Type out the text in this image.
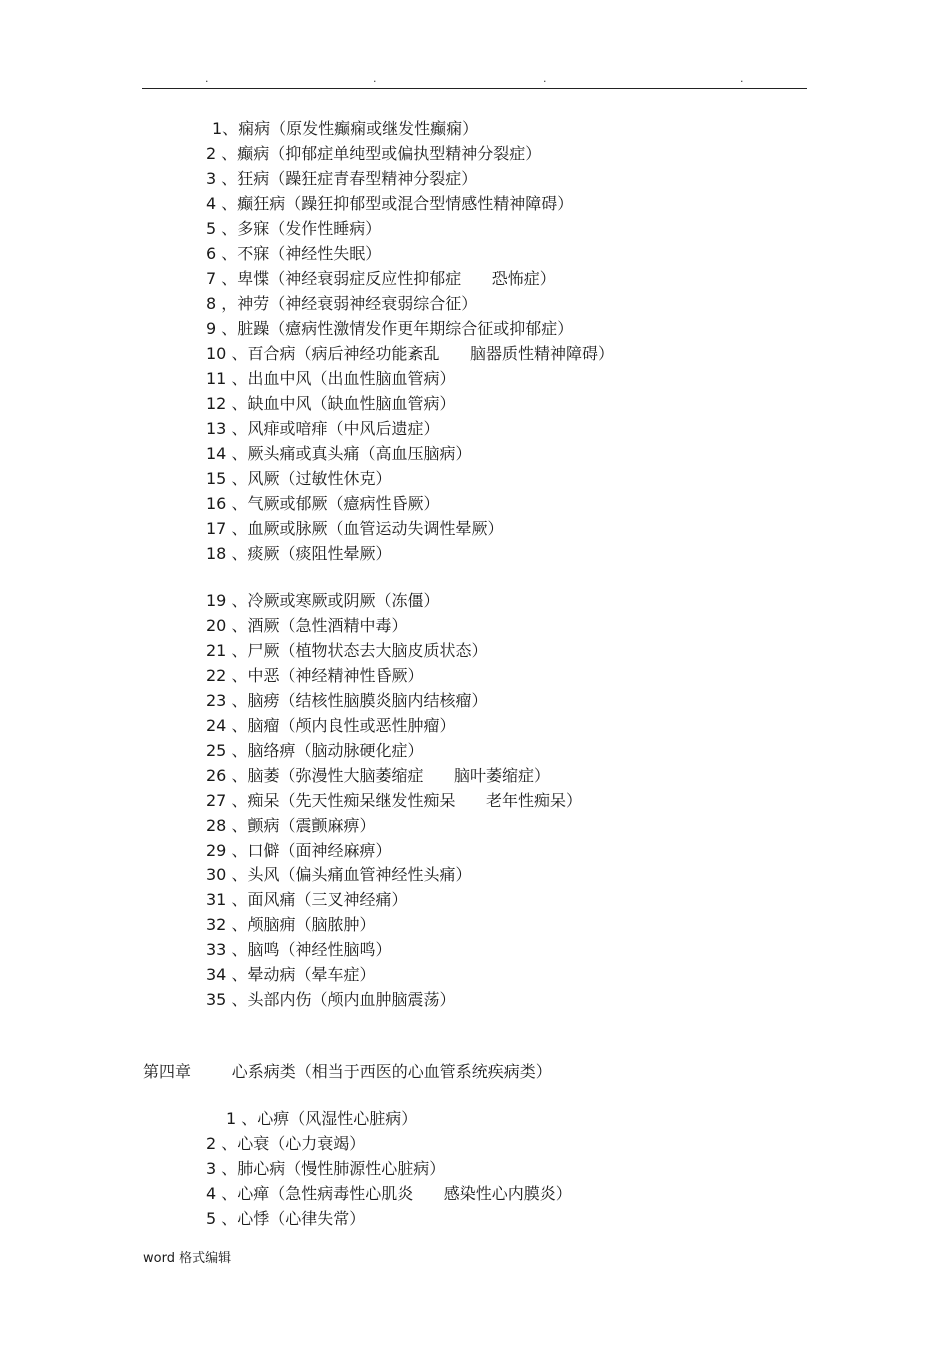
.	.	.	.
1、痫病（原发性癫痫或继发性癫痫）
2 、癫病（抑郁症单纯型或偏执型精神分裂症）
3 、狂病（躁狂症青春型精神分裂症）
4 、癫狂病（躁狂抑郁型或混合型情感性精神障碍）
5 、多寐（发作性睡病）
6 、不寐（神经性失眠）
7 、卑惵（神经衰弱症反应性抑郁症      恐怖症）
8 ，神劳（神经衰弱神经衰弱综合征）
9 、脏躁（癔病性激情发作更年期综合征或抑郁症）
10 、百合病（病后神经功能紊乱      脑器质性精神障碍）
11 、出血中风（出血性脑血管病）
12 、缺血中风（缺血性脑血管病）
13 、风痱或喑痱（中风后遗症）
14 、厥头痛或真头痛（高血压脑病）
15 、风厥（过敏性休克）
16 、气厥或郁厥（癔病性昏厥）
17 、血厥或脉厥（血管运动失调性晕厥）
18 、痰厥（痰阻性晕厥）
19 、冷厥或寒厥或阴厥（冻僵）
20 、酒厥（急性酒精中毒）
21 、尸厥（植物状态去大脑皮质状态）
22 、中恶（神经精神性昏厥）
23 、脑痨（结核性脑膜炎脑内结核瘤）
24 、脑瘤（颅内良性或恶性肿瘤）
25 、脑络痹（脑动脉硬化症）
26 、脑萎（弥漫性大脑萎缩症      脑叶萎缩症）
27 、痴呆（先天性痴呆继发性痴呆      老年性痴呆）
28 、颤病（震颤麻痹）
29 、口僻（面神经麻痹）
30 、头风（偏头痛血管神经性头痛）
31 、面风痛（三叉神经痛）
32 、颅脑痈（脑脓肿）
33 、脑鸣（神经性脑鸣）
34 、晕动病（晕车症）
35 、头部内伤（颅内血肿脑震荡）
第四章        心系病类（相当于西医的心血管系统疾病类）
1 、心痹（风湿性心脏病）
2 、心衰（心力衰竭）
3 、肺心病（慢性肺源性心脏病）
4 、心瘅（急性病毒性心肌炎      感染性心内膜炎）
5 、心悸（心律失常）
word 格式编辑
